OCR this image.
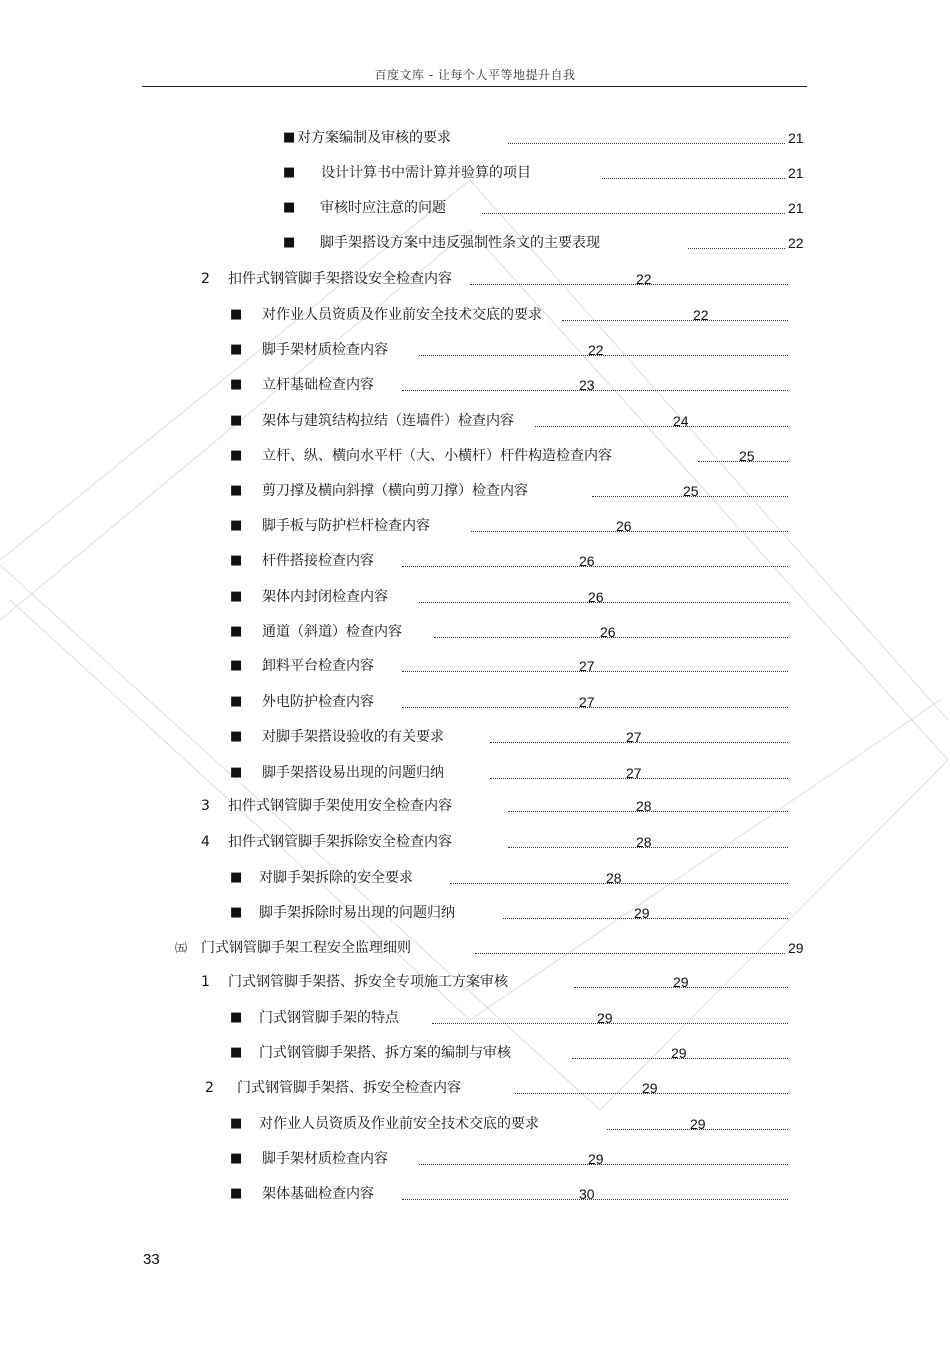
百度文库 - 让每个人平等地提升自我
■ 对方案编制及审核的要求	21
■ 设计计算书中需计算并验算的项目	21
■ 审核时应注意的问题	21
■ 脚手架搭设方案中违反强制性条文的主要表现	22
2 扣件式钢管脚手架搭设安全检查内容	22
■ 对作业人员资质及作业前安全技术交底的要求	22
■ 脚手架材质检查内容	22
■ 立杆基础检查内容	23
■ 架体与建筑结构拉结（连墙件）检查内容	24
■ 立杆、纵、横向水平杆（大、小横杆）杆件构造检查内容	25
■ 剪刀撑及横向斜撑（横向剪刀撑）检查内容	25
■ 脚手板与防护栏杆检查内容	26
■ 杆件搭接检查内容	26
■ 架体内封闭检查内容	26
■ 通道（斜道）检查内容	26
■ 卸料平台检查内容	27
■ 外电防护检查内容	27
■ 对脚手架搭设验收的有关要求	27
■ 脚手架搭设易出现的问题归纳	27
3 扣件式钢管脚手架使用安全检查内容	28
4 扣件式钢管脚手架拆除安全检查内容	28
■ 对脚手架拆除的安全要求	28
■ 脚手架拆除时易出现的问题归纳	29
㈤ 门式钢管脚手架工程安全监理细则	29
1 门式钢管脚手架搭、拆安全专项施工方案审核	29
■ 门式钢管脚手架的特点	29
■ 门式钢管脚手架搭、拆方案的编制与审核	29
2 门式钢管脚手架搭、拆安全检查内容	29
■ 对作业人员资质及作业前安全技术交底的要求	29
■ 脚手架材质检查内容	29
■ 架体基础检查内容	30
33
